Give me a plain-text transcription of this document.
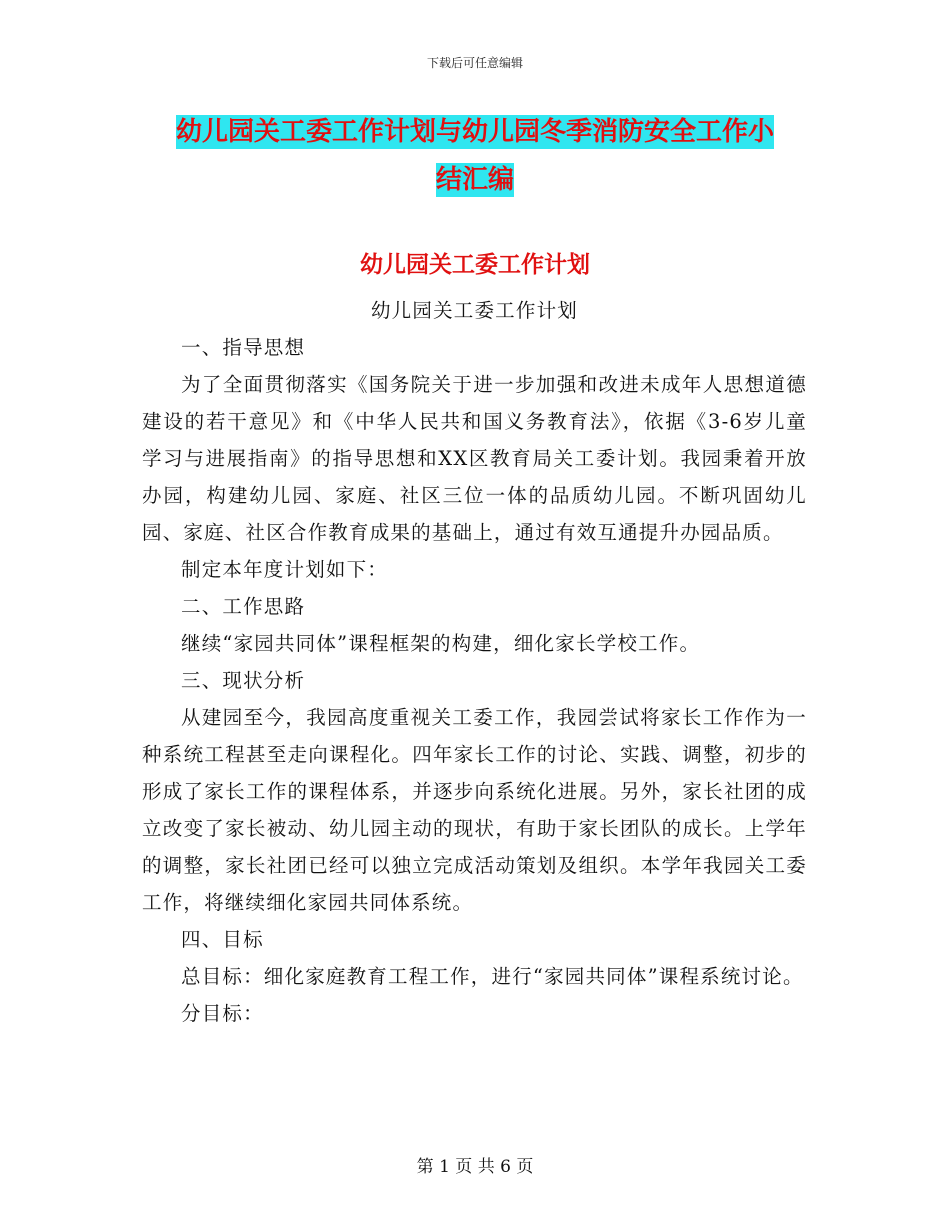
下载后可任意编辑
幼儿园关工委工作计划与幼儿园冬季消防安全工作小
结汇编
幼儿园关工委工作计划

幼儿园关工委工作计划

一、指导思想

为了全面贯彻落实《国务院关于进一步加强和改进未成年人思想道德建设的若干意见》和《中华人民共和国义务教育法》，依据《3-6岁儿童学习与进展指南》的指导思想和XX区教育局关工委计划。我园秉着开放办园，构建幼儿园、家庭、社区三位一体的品质幼儿园。不断巩固幼儿园、家庭、社区合作教育成果的基础上，通过有效互通提升办园品质。

制定本年度计划如下：

二、工作思路

继续“家园共同体”课程框架的构建，细化家长学校工作。

三、现状分析

从建园至今，我园高度重视关工委工作，我园尝试将家长工作作为一种系统工程甚至走向课程化。四年家长工作的讨论、实践、调整，初步的形成了家长工作的课程体系，并逐步向系统化进展。另外，家长社团的成立改变了家长被动、幼儿园主动的现状，有助于家长团队的成长。上学年的调整，家长社团已经可以独立完成活动策划及组织。本学年我园关工委工作，将继续细化家园共同体系统。

四、目标

总目标：细化家庭教育工程工作，进行“家园共同体”课程系统讨论。

分目标：

第 1 页 共 6 页
